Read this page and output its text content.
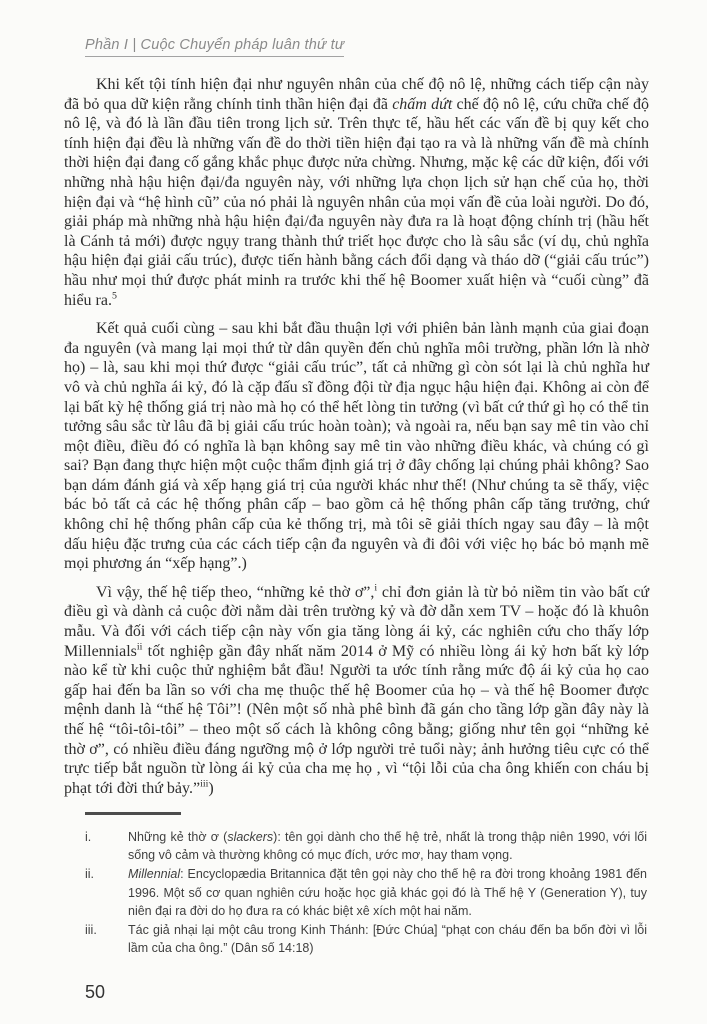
Phần I | Cuộc Chuyển pháp luân thứ tư

Khi kết tội tính hiện đại như nguyên nhân của chế độ nô lệ, những cách tiếp cận này đã bỏ qua dữ kiện rằng chính tinh thần hiện đại đã chấm dứt chế độ nô lệ, cứu chữa chế độ nô lệ, và đó là lần đầu tiên trong lịch sử. Trên thực tế, hầu hết các vấn đề bị quy kết cho tính hiện đại đều là những vấn đề do thời tiền hiện đại tạo ra và là những vấn đề mà chính thời hiện đại đang cố gắng khắc phục được nửa chừng. Nhưng, mặc kệ các dữ kiện, đối với những nhà hậu hiện đại/đa nguyên này, với những lựa chọn lịch sử hạn chế của họ, thời hiện đại và “hệ hình cũ” của nó phải là nguyên nhân của mọi vấn đề của loài người. Do đó, giải pháp mà những nhà hậu hiện đại/đa nguyên này đưa ra là hoạt động chính trị (hầu hết là Cánh tả mới) được ngụy trang thành thứ triết học được cho là sâu sắc (ví dụ, chủ nghĩa hậu hiện đại giải cấu trúc), được tiến hành bằng cách đổi dạng và tháo dỡ (“giải cấu trúc”) hầu như mọi thứ được phát minh ra trước khi thế hệ Boomer xuất hiện và “cuối cùng” đã hiểu ra.$^5$

Kết quả cuối cùng – sau khi bắt đầu thuận lợi với phiên bản lành mạnh của giai đoạn đa nguyên (và mang lại mọi thứ từ dân quyền đến chủ nghĩa môi trường, phần lớn là nhờ họ) – là, sau khi mọi thứ được “giải cấu trúc”, tất cả những gì còn sót lại là chủ nghĩa hư vô và chủ nghĩa ái kỷ, đó là cặp đấu sĩ đồng đội từ địa ngục hậu hiện đại. Không ai còn để lại bất kỳ hệ thống giá trị nào mà họ có thể hết lòng tin tưởng (vì bất cứ thứ gì họ có thể tin tưởng sâu sắc từ lâu đã bị giải cấu trúc hoàn toàn); và ngoài ra, nếu bạn say mê tin vào chỉ một điều, điều đó có nghĩa là bạn không say mê tin vào những điều khác, và chúng có gì sai? Bạn đang thực hiện một cuộc thẩm định giá trị ở đây chống lại chúng phải không? Sao bạn dám đánh giá và xếp hạng giá trị của người khác như thế! (Như chúng ta sẽ thấy, việc bác bỏ tất cả các hệ thống phân cấp – bao gồm cả hệ thống phân cấp tăng trưởng, chứ không chỉ hệ thống phân cấp của kẻ thống trị, mà tôi sẽ giải thích ngay sau đây – là một dấu hiệu đặc trưng của các cách tiếp cận đa nguyên và đi đôi với việc họ bác bỏ mạnh mẽ mọi phương án “xếp hạng”.)

Vì vậy, thế hệ tiếp theo, “những kẻ thờ ơ”,$^i$ chỉ đơn giản là từ bỏ niềm tin vào bất cứ điều gì và dành cả cuộc đời nằm dài trên trường kỷ và đờ dẫn xem TV – hoặc đó là khuôn mẫu. Và đối với cách tiếp cận này vốn gia tăng lòng ái kỷ, các nghiên cứu cho thấy lớp Millennials$^{ii}$ tốt nghiệp gần đây nhất năm 2014 ở Mỹ có nhiều lòng ái kỷ hơn bất kỳ lớp nào kể từ khi cuộc thử nghiệm bắt đầu! Người ta ước tính rằng mức độ ái kỷ của họ cao gấp hai đến ba lần so với cha mẹ thuộc thế hệ Boomer của họ – và thế hệ Boomer được mệnh danh là “thế hệ Tôi”! (Nên một số nhà phê bình đã gán cho tầng lớp gần đây này là thế hệ “tôi-tôi-tôi” – theo một số cách là không công bằng; giống như tên gọi “những kẻ thờ ơ”, có nhiều điều đáng ngưỡng mộ ở lớp người trẻ tuổi này; ảnh hưởng tiêu cực có thể trực tiếp bắt nguồn từ lòng ái kỷ của cha mẹ họ , vì “tội lỗi của cha ông khiến con cháu bị phạt tới đời thứ bảy.”$^{iii}$)

i.	Những kẻ thờ ơ (slackers): tên gọi dành cho thế hệ trẻ, nhất là trong thập niên 1990, với lối sống vô cảm và thường không có mục đích, ước mơ, hay tham vọng.
ii.	Millennial: Encyclopædia Britannica đặt tên gọi này cho thế hệ ra đời trong khoảng 1981 đến 1996. Một số cơ quan nghiên cứu hoặc học giả khác gọi đó là Thế hệ Y (Generation Y), tuy niên đại ra đời do họ đưa ra có khác biệt xê xích một hai năm.
iii.	Tác giả nhại lại một câu trong Kinh Thánh: [Đức Chúa] “phạt con cháu đến ba bốn đời vì lỗi lầm của cha ông.” (Dân số 14:18)
50
